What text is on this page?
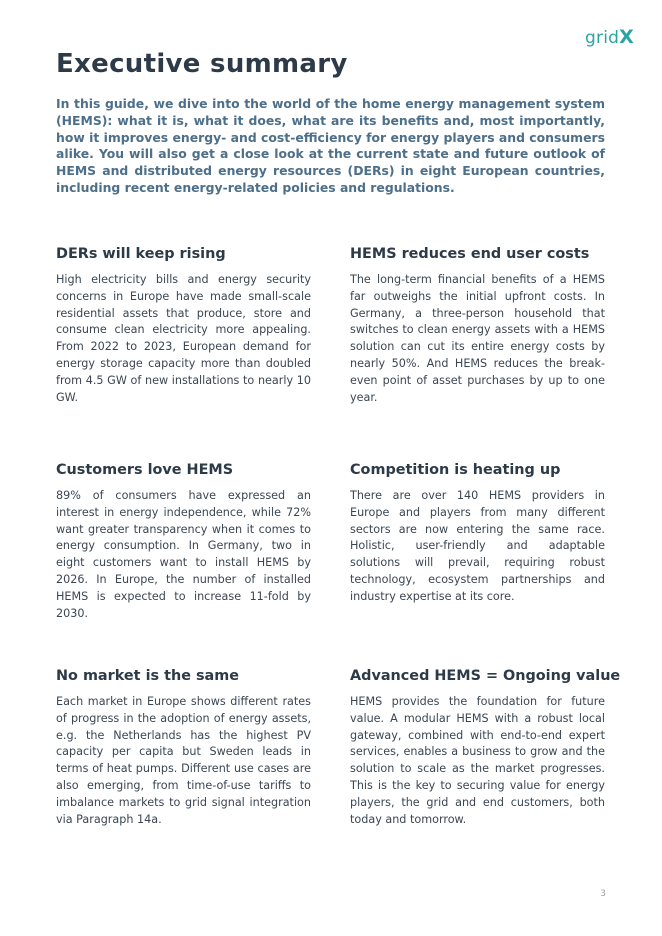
gridX
Executive summary

In this guide, we dive into the world of the home energy management system (HEMS): what it is, what it does, what are its benefits and, most importantly, how it improves energy- and cost-efficiency for energy players and consumers alike. You will also get a close look at the current state and future outlook of HEMS and distributed energy resources (DERs) in eight European countries, including recent energy-related policies and regulations.

DERs will keep rising

High electricity bills and energy security concerns in Europe have made small-scale residential assets that produce, store and consume clean electricity more appealing. From 2022 to 2023, European demand for energy storage capacity more than doubled from 4.5 GW of new installations to nearly 10 GW.

HEMS reduces end user costs

The long-term financial benefits of a HEMS far outweighs the initial upfront costs. In Germany, a three-person household that switches to clean energy assets with a HEMS solution can cut its entire energy costs by nearly 50%. And HEMS reduces the break-even point of asset purchases by up to one year.

Customers love HEMS

89% of consumers have expressed an interest in energy independence, while 72% want greater transparency when it comes to energy consumption. In Germany, two in eight customers want to install HEMS by 2026. In Europe, the number of installed HEMS is expected to increase 11-fold by 2030.

Competition is heating up

There are over 140 HEMS providers in Europe and players from many different sectors are now entering the same race. Holistic, user-friendly and adaptable solutions will prevail, requiring robust technology, ecosystem partnerships and industry expertise at its core.

No market is the same

Each market in Europe shows different rates of progress in the adoption of energy assets, e.g. the Netherlands has the highest PV capacity per capita but Sweden leads in terms of heat pumps. Different use cases are also emerging, from time-of-use tariffs to imbalance markets to grid signal integration via Paragraph 14a.

Advanced HEMS = Ongoing value

HEMS provides the foundation for future value. A modular HEMS with a robust local gateway, combined with end-to-end expert services, enables a business to grow and the solution to scale as the market progresses. This is the key to securing value for energy players, the grid and end customers, both today and tomorrow.

3
